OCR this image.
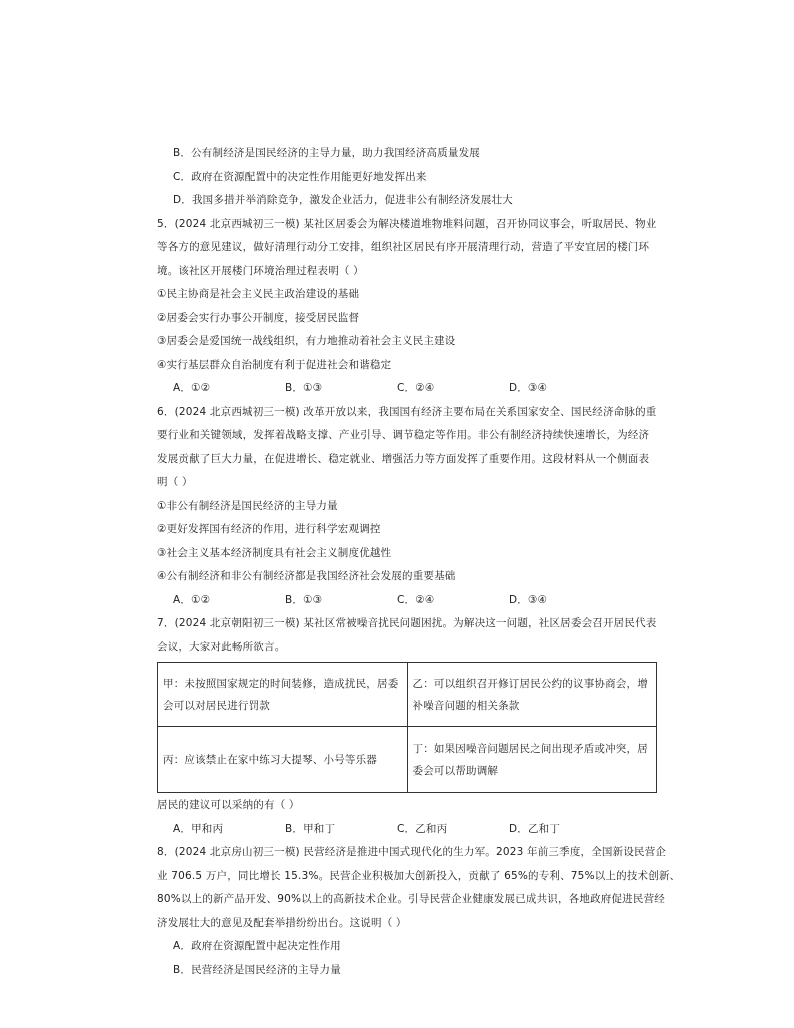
B．公有制经济是国民经济的主导力量，助力我国经济高质量发展
C．政府在资源配置中的决定性作用能更好地发挥出来
D．我国多措并举消除竞争，激发企业活力，促进非公有制经济发展壮大
5．(2024 北京西城初三一模) 某社区居委会为解决楼道堆物堆料问题，召开协同议事会，听取居民、物业
等各方的意见建议，做好清理行动分工安排，组织社区居民有序开展清理行动，营造了平安宜居的楼门环
境。该社区开展楼门环境治理过程表明（ ）
①民主协商是社会主义民主政治建设的基础
②居委会实行办事公开制度，接受居民监督
③居委会是爱国统一战线组织，有力地推动着社会主义民主建设
④实行基层群众自治制度有利于促进社会和谐稳定
A．①②	B．①③	C．②④	D．③④
6．(2024 北京西城初三一模) 改革开放以来，我国国有经济主要布局在关系国家安全、国民经济命脉的重
要行业和关键领域，发挥着战略支撑、产业引导、调节稳定等作用。非公有制经济持续快速增长，为经济
发展贡献了巨大力量，在促进增长、稳定就业、增强活力等方面发挥了重要作用。这段材料从一个侧面表
明（ ）
①非公有制经济是国民经济的主导力量
②更好发挥国有经济的作用，进行科学宏观调控
③社会主义基本经济制度具有社会主义制度优越性
④公有制经济和非公有制经济都是我国经济社会发展的重要基础
A．①②	B．①③	C．②④	D．③④
7．(2024 北京朝阳初三一模) 某社区常被噪音扰民问题困扰。为解决这一问题，社区居委会召开居民代表
会议，大家对此畅所欲言。
甲：未按照国家规定的时间装修，造成扰民，居委会可以对居民进行罚款	乙：可以组织召开修订居民公约的议事协商会，增补噪音问题的相关条款
丙：应该禁止在家中练习大提琴、小号等乐器	丁：如果因噪音问题居民之间出现矛盾或冲突，居委会可以帮助调解
居民的建议可以采纳的有（ ）
A．甲和丙	B．甲和丁	C．乙和丙	D．乙和丁
8．(2024 北京房山初三一模) 民营经济是推进中国式现代化的生力军。2023 年前三季度，全国新设民营企
业 706.5 万户，同比增长 15.3%。民营企业积极加大创新投入，贡献了 65%的专利、75%以上的技术创新、
80%以上的新产品开发、90%以上的高新技术企业。引导民营企业健康发展已成共识，各地政府促进民营经
济发展壮大的意见及配套举措纷纷出台。这说明（ ）
A．政府在资源配置中起决定性作用
B．民营经济是国民经济的主导力量
